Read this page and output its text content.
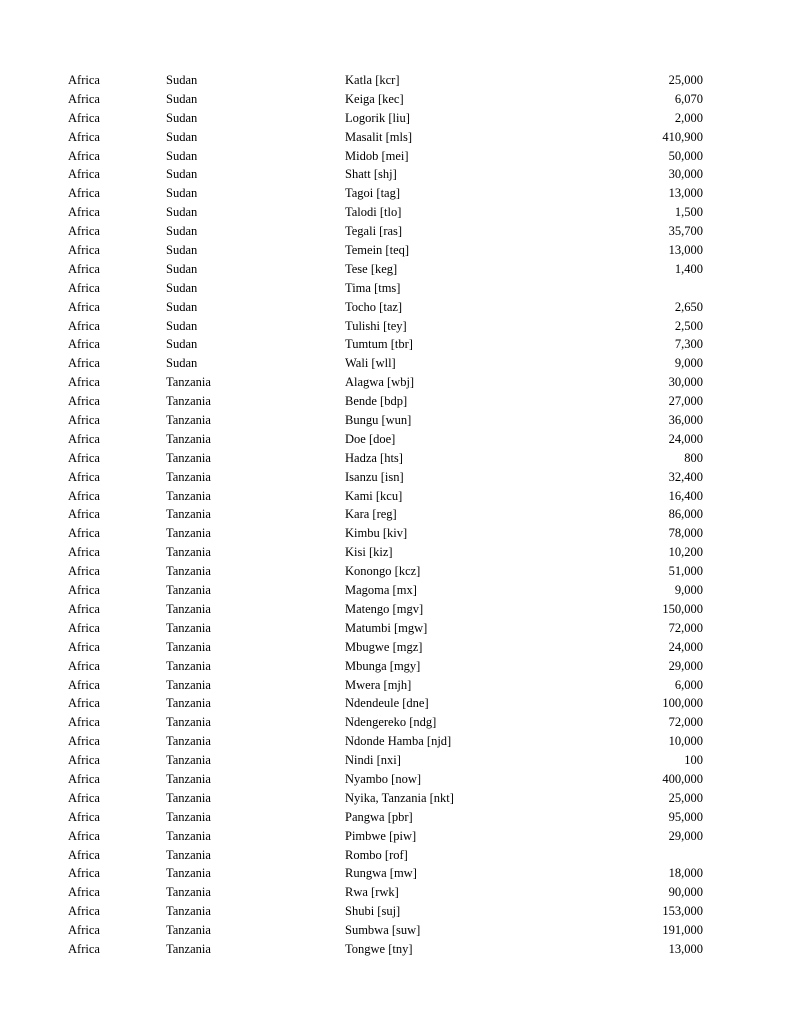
Africa	Sudan	Katla [kcr]	25,000
Africa	Sudan	Keiga [kec]	6,070
Africa	Sudan	Logorik [liu]	2,000
Africa	Sudan	Masalit [mls]	410,900
Africa	Sudan	Midob [mei]	50,000
Africa	Sudan	Shatt [shj]	30,000
Africa	Sudan	Tagoi [tag]	13,000
Africa	Sudan	Talodi [tlo]	1,500
Africa	Sudan	Tegali [ras]	35,700
Africa	Sudan	Temein [teq]	13,000
Africa	Sudan	Tese [keg]	1,400
Africa	Sudan	Tima [tms]
Africa	Sudan	Tocho [taz]	2,650
Africa	Sudan	Tulishi [tey]	2,500
Africa	Sudan	Tumtum [tbr]	7,300
Africa	Sudan	Wali [wll]	9,000
Africa	Tanzania	Alagwa [wbj]	30,000
Africa	Tanzania	Bende [bdp]	27,000
Africa	Tanzania	Bungu [wun]	36,000
Africa	Tanzania	Doe [doe]	24,000
Africa	Tanzania	Hadza [hts]	800
Africa	Tanzania	Isanzu [isn]	32,400
Africa	Tanzania	Kami [kcu]	16,400
Africa	Tanzania	Kara [reg]	86,000
Africa	Tanzania	Kimbu [kiv]	78,000
Africa	Tanzania	Kisi [kiz]	10,200
Africa	Tanzania	Konongo [kcz]	51,000
Africa	Tanzania	Magoma [mx]	9,000
Africa	Tanzania	Matengo [mgv]	150,000
Africa	Tanzania	Matumbi [mgw]	72,000
Africa	Tanzania	Mbugwe [mgz]	24,000
Africa	Tanzania	Mbunga [mgy]	29,000
Africa	Tanzania	Mwera [mjh]	6,000
Africa	Tanzania	Ndendeule [dne]	100,000
Africa	Tanzania	Ndengereko [ndg]	72,000
Africa	Tanzania	Ndonde Hamba [njd]	10,000
Africa	Tanzania	Nindi [nxi]	100
Africa	Tanzania	Nyambo [now]	400,000
Africa	Tanzania	Nyika, Tanzania [nkt]	25,000
Africa	Tanzania	Pangwa [pbr]	95,000
Africa	Tanzania	Pimbwe [piw]	29,000
Africa	Tanzania	Rombo [rof]
Africa	Tanzania	Rungwa [mw]	18,000
Africa	Tanzania	Rwa [rwk]	90,000
Africa	Tanzania	Shubi [suj]	153,000
Africa	Tanzania	Sumbwa [suw]	191,000
Africa	Tanzania	Tongwe [tny]	13,000
